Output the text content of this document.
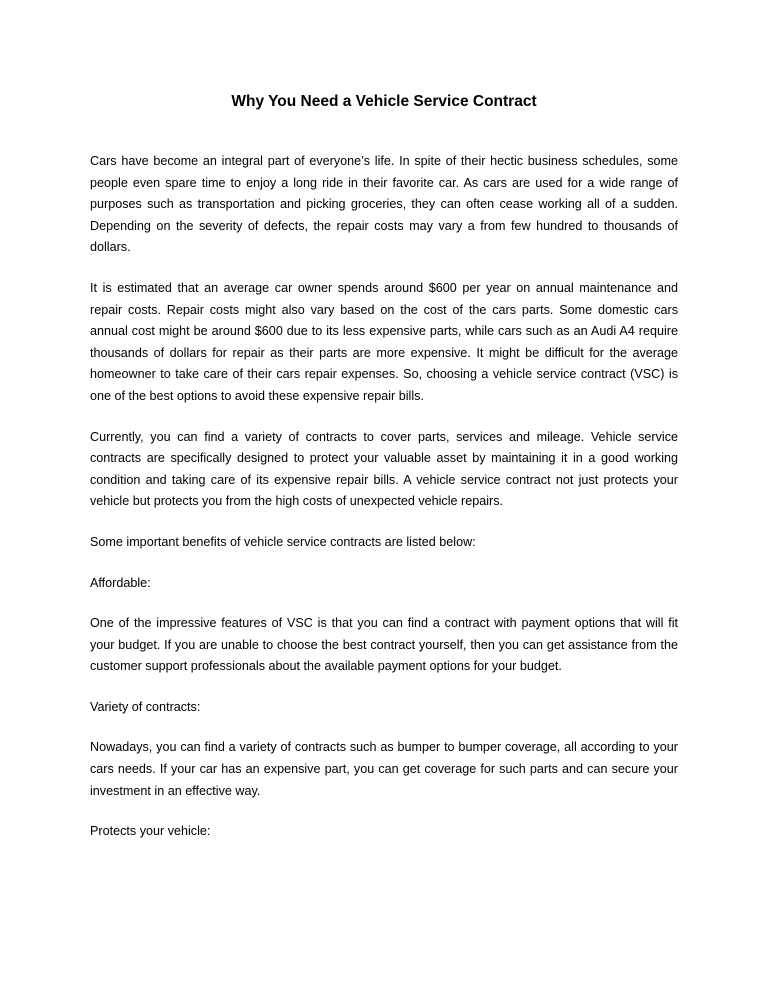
Why You Need a Vehicle Service Contract

Cars have become an integral part of everyone’s life. In spite of their hectic business schedules, some people even spare time to enjoy a long ride in their favorite car. As cars are used for a wide range of purposes such as transportation and picking groceries, they can often cease working all of a sudden. Depending on the severity of defects, the repair costs may vary a from few hundred to thousands of dollars.

It is estimated that an average car owner spends around $600 per year on annual maintenance and repair costs. Repair costs might also vary based on the cost of the cars parts. Some domestic cars annual cost might be around $600 due to its less expensive parts, while cars such as an Audi A4 require thousands of dollars for repair as their parts are more expensive. It might be difficult for the average homeowner to take care of their cars repair expenses. So, choosing a vehicle service contract (VSC) is one of the best options to avoid these expensive repair bills.

Currently, you can find a variety of contracts to cover parts, services and mileage. Vehicle service contracts are specifically designed to protect your valuable asset by maintaining it in a good working condition and taking care of its expensive repair bills. A vehicle service contract not just protects your vehicle but protects you from the high costs of unexpected vehicle repairs.

Some important benefits of vehicle service contracts are listed below:

Affordable:

One of the impressive features of VSC is that you can find a contract with payment options that will fit your budget. If you are unable to choose the best contract yourself, then you can get assistance from the customer support professionals about the available payment options for your budget.

Variety of contracts:

Nowadays, you can find a variety of contracts such as bumper to bumper coverage, all according to your cars needs. If your car has an expensive part, you can get coverage for such parts and can secure your investment in an effective way.

Protects your vehicle:
